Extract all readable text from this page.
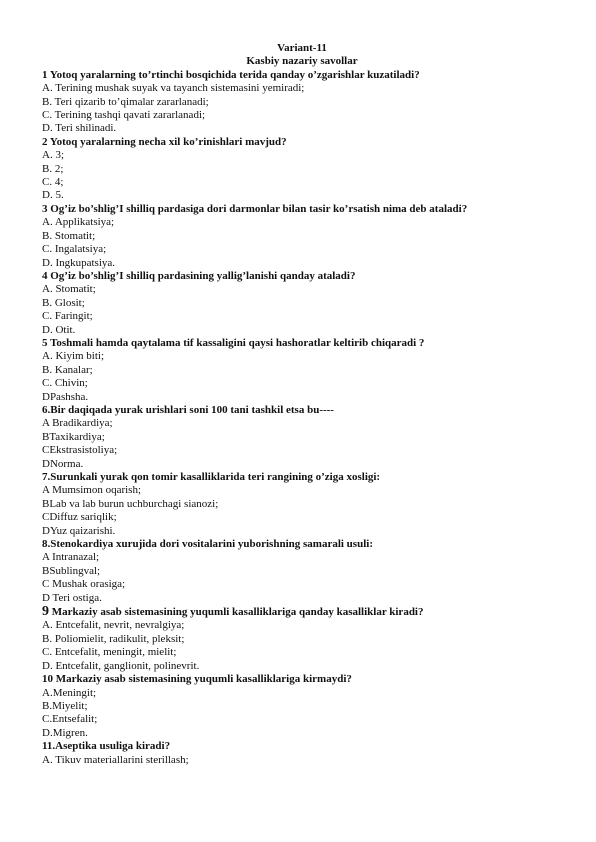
Variant-11
Kasbiy nazariy savollar
1 Yotoq yaralarning to’rtinchi bosqichida terida qanday o’zgarishlar kuzatiladi?
A. Terining mushak suyak va tayanch sistemasini yemiradi;
B. Teri qizarib to’qimalar zararlanadi;
C. Terining tashqi qavati zararlanadi;
D. Teri shilinadi.
2 Yotoq yaralarning necha xil ko’rinishlari mavjud?
A. 3;
B. 2;
C. 4;
D. 5.
3 Og’iz bo’shlig’I shilliq pardasiga dori darmonlar bilan tasir ko’rsatish nima deb ataladi?
A. Applikatsiya;
B. Stomatit;
C. Ingalatsiya;
D. Ingkupatsiya.
4 Og’iz bo’shlig’I shilliq pardasining yallig’lanishi qanday ataladi?
A. Stomatit;
B. Glosit;
C. Faringit;
D. Otit.
5 Toshmali hamda qaytalama tif kassaligini qaysi hashoratlar keltirib chiqaradi ?
A. Kiyim biti;
B. Kanalar;
C. Chivin;
DPashsha.
6.Bir daqiqada yurak urishlari soni 100 tani tashkil etsa bu----
A Bradikardiya;
BTaxikardiya;
CEkstrasistoliya;
DNorma.
7.Surunkali yurak qon tomir kasalliklarida teri rangining o’ziga xosligi:
A Mumsimon oqarish;
BLab va lab burun uchburchagi sianozi;
CDiffuz sariqlik;
DYuz qaizarishi.
8.Stenokardiya xurujida dori vositalarini yuborishning samarali usuli:
A Intranazal;
BSublingval;
C Mushak orasiga;
D Teri ostiga.
9 Markaziy asab sistemasining yuqumli kasalliklariga qanday kasalliklar kiradi?
A. Entcefalit, nevrit, nevralgiya;
B. Poliomielit, radikulit, pleksit;
C. Entcefalit, meningit, mielit;
D. Entcefalit, ganglionit, polinevrit.
10 Markaziy asab sistemasining yuqumli kasalliklariga kirmaydi?
A.Meningit;
B.Miyelit;
C.Entsefalit;
D.Migren.
11.Aseptika usuliga kiradi?
A. Tikuv materiallarini sterillash;
